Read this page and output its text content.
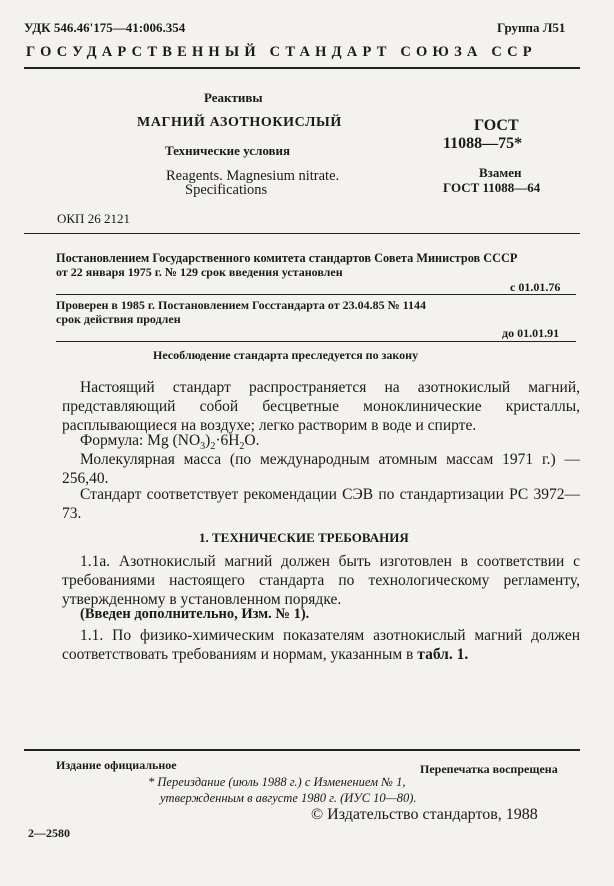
УДК 546.46'175—41:006.354	Группа Л51
ГОСУДАРСТВЕННЫЙ СТАНДАРТ СОЮЗА ССР
Реактивы
МАГНИЙ АЗОТНОКИСЛЫЙ
Технические условия
Reagents. Magnesium nitrate.
Specifications
ГОСТ
11088—75*
Взамен
ГОСТ 11088—64
ОКП 26 2121
Постановлением Государственного комитета стандартов Совета Министров СССР
от 22 января 1975 г. № 129 срок введения установлен
с 01.01.76
Проверен в 1985 г. Постановлением Госстандарта от 23.04.85 № 1144
срок действия продлен
до 01.01.91
Несоблюдение стандарта преследуется по закону
Настоящий стандарт распространяется на азотнокислый магний, представляющий собой бесцветные моноклинические кристаллы, расплывающиеся на воздухе; легко растворим в воде и спирте.
Формула: Mg $(NO_3)_2\cdot 6H_2O$.
Молекулярная масса (по международным атомным массам 1971 г.) — 256,40.
Стандарт соответствует рекомендации СЭВ по стандартизации РС 3972—73.
1. ТЕХНИЧЕСКИЕ ТРЕБОВАНИЯ
1.1а. Азотнокислый магний должен быть изготовлен в соответствии с требованиями настоящего стандарта по технологическому регламенту, утвержденному в установленном порядке.
(Введен дополнительно, Изм. № 1).
1.1. По физико-химическим показателям азотнокислый магний должен соответствовать требованиям и нормам, указанным в табл. 1.
Издание официальное	Перепечатка воспрещена
* Переиздание (июль 1988 г.) с Изменением № 1,
утвержденным в августе 1980 г. (ИУС 10—80).
© Издательство стандартов, 1988
2—2580
